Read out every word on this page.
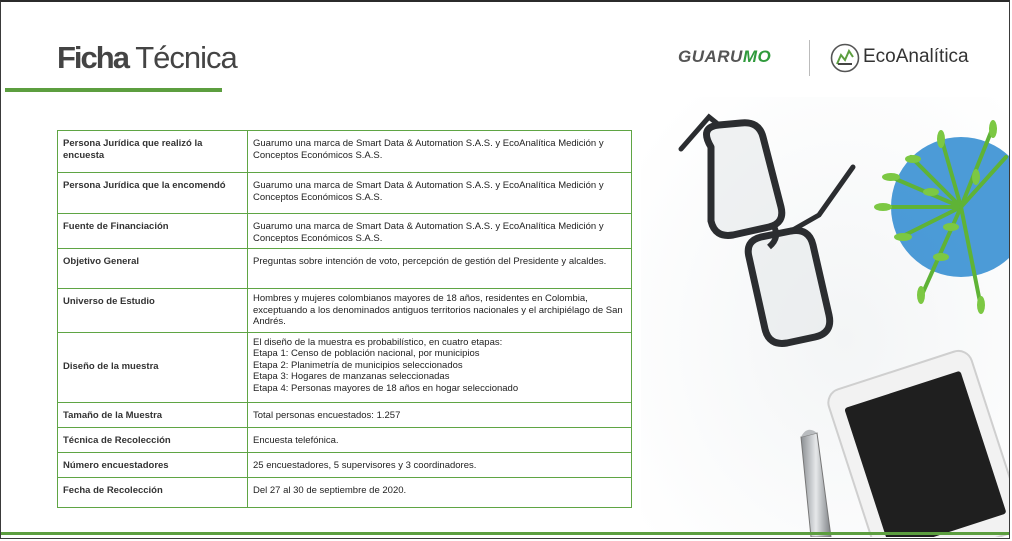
Ficha Técnica	GUARUMO	EcoAnalítica
Persona Jurídica que realizó la encuesta	Guarumo una marca de Smart Data & Automation S.A.S. y EcoAnalítica Medición y Conceptos Económicos S.A.S.
Persona Jurídica que la encomendó	Guarumo una marca de Smart Data & Automation S.A.S. y EcoAnalítica Medición y Conceptos Económicos S.A.S.
Fuente de Financiación	Guarumo una marca de Smart Data & Automation S.A.S. y EcoAnalítica Medición y Conceptos Económicos S.A.S.
Objetivo General	Preguntas sobre intención de voto, percepción de gestión del Presidente y alcaldes.
Universo de Estudio	Hombres y mujeres colombianos mayores de 18 años, residentes en Colombia, exceptuando a los denominados antiguos territorios nacionales y el archipiélago de San Andrés.
Diseño de la muestra	El diseño de la muestra es probabilístico, en cuatro etapas:
Etapa 1: Censo de población nacional, por municipios
Etapa 2: Planimetría de municipios seleccionados
Etapa 3: Hogares de manzanas seleccionadas
Etapa 4: Personas mayores de 18 años en hogar seleccionado

Tamaño de la Muestra	Total personas encuestados: 1.257
Técnica de Recolección	Encuesta telefónica.
Número encuestadores	25 encuestadores, 5 supervisores y 3 coordinadores.
Fecha de Recolección	Del 27 al 30 de septiembre de 2020.
